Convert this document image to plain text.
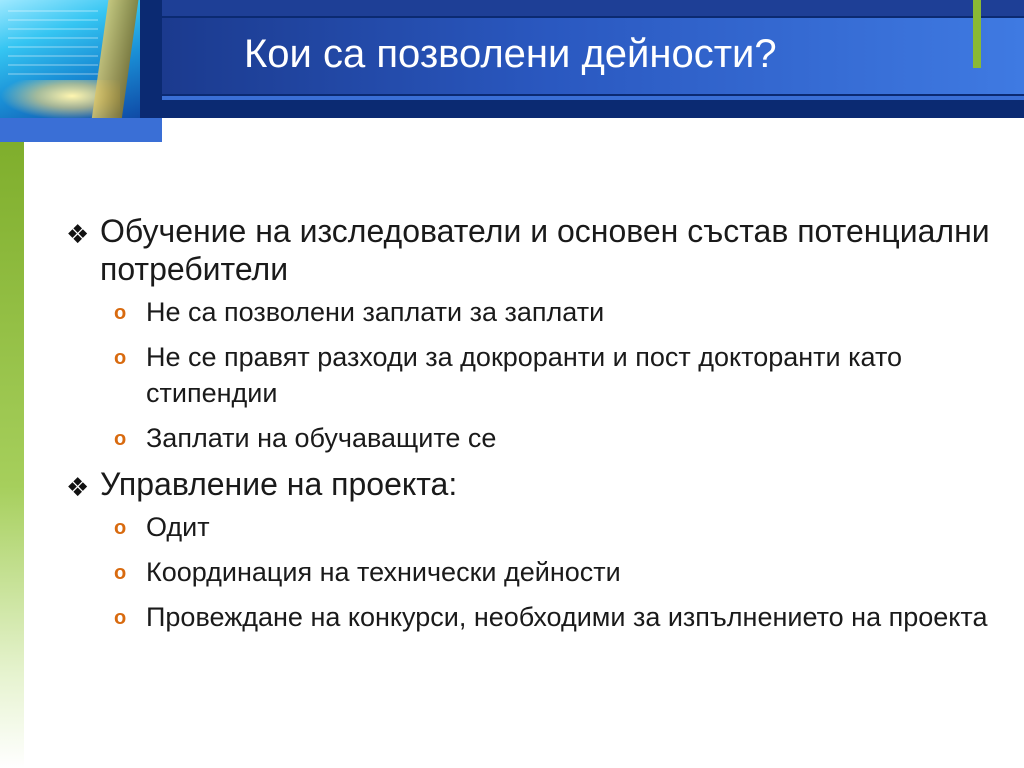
Кои са позволени дейности?
❖ Обучение на изследователи и основен състав потенциални потребители
o Не са позволени заплати за заплати
o Не се правят разходи за докроранти и пост докторанти като стипендии
o Заплати на обучаващите се
❖ Управление на проекта:
o Одит
o Координация на технически дейности
o Провеждане на конкурси, необходими за изпълнението на проекта
